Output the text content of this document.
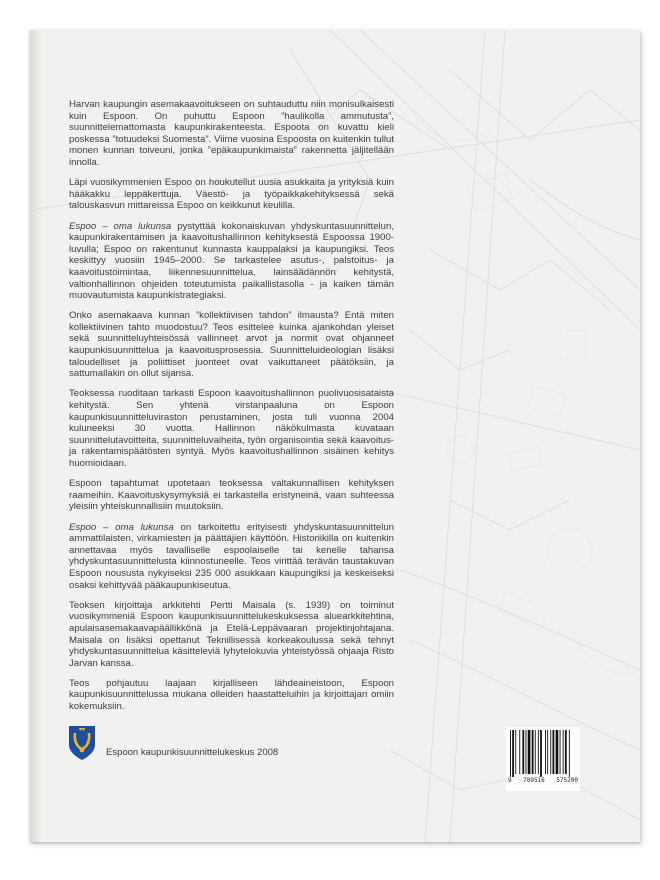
Harvan kaupungin asemakaavoitukseen on suhtauduttu niin monisulkaisesti kuin Espoon. On puhuttu Espoon ”haulikolla ammutusta”, suunnittelemattomasta kaupunkirakenteesta. Espoota on kuvattu kieli poskessa ”totuudeksi Suomesta”. Viime vuosina Espoosta on kuitenkin tullut monen kunnan toiveuni, jonka ”epäkaupunkimaista” rakennetta jäljitellään innolla.

Läpi vuosikymmenien Espoo on houkutellut uusia asukkaita ja yrityksiä kuin hääkakku leppäkerttuja. Väestö- ja työpaikkakehityksessä sekä talouskasvun mittareissa Espoo on keikkunut keulilla.

Espoo – oma lukunsa pystyttää kokonaiskuvan yhdyskuntasuunnittelun, kaupunkirakentamisen ja kaavoitushallinnon kehityksestä Espoossa 1900-luvulla; Espoo on rakentunut kunnasta kauppalaksi ja kaupungiksi. Teos keskittyy vuosiin 1945–2000. Se tarkastelee asutus-, palstoitus- ja kaavoitustoimintaa, liikennesuunnittelua, lainsäädännön kehitystä, valtionhallinnon ohjeiden toteutumista paikallistasolla - ja kaiken tämän muovautumista kaupunkistrategiaksi.

Onko asemakaava kunnan ”kollektiivisen tahdon” ilmausta? Entä miten kollektiivinen tahto muodostuu? Teos esittelee kuinka ajankohdan yleiset sekä suunnitteluyhteisössä vallinneet arvot ja normit ovat ohjanneet kaupunkisuunnittelua ja kaavoitusprosessia. Suunnitteluideologian lisäksi taloudelliset ja poliittiset juonteet ovat vaikuttaneet päätöksiin, ja sattumallakin on ollut sijansa.

Teoksessa ruoditaan tarkasti Espoon kaavoitushallinnon puolivuosisataista kehitystä. Sen yhtenä virstanpaaluna on Espoon kaupunkisuunnitteluviraston perustaminen, josta tuli vuonna 2004 kuluneeksi 30 vuotta. Hallinnon näkökulmasta kuvataan suunnittelutavoitteita, suunnitteluvaiheita, työn organisointia sekä kaavoitus- ja rakentamispäätösten syntyä. Myös kaavoitushallinnon sisäinen kehitys huomioidaan.

Espoon tapahtumat upotetaan teoksessa valtakunnallisen kehityksen raameihin. Kaavoituskysymyksiä ei tarkastella eristyneinä, vaan suhteessa yleisiin yhteiskunnallisiin muutoksiin.

Espoo – oma lukunsa on tarkoitettu erityisesti yhdyskuntasuunnittelun ammattilaisten, virkamiesten ja päättäjien käyttöön. Historiikilla on kuitenkin annettavaa myös tavalliselle espoolaiselle tai kenelle tahansa yhdyskuntasuunnittelusta kiinnostuneelle. Teos virittää terävän taustakuvan Espoon noususta nykyiseksi 235 000 asukkaan kaupungiksi ja keskeiseksi osaksi kehittyvää pääkaupunkiseutua.

Teoksen kirjoittaja arkkitehti Pertti Maisala (s. 1939) on toiminut vuosikymmeniä Espoon kaupunkisuunnittelukeskuksessa aluearkkitehtina, apulaisasemakaavapäällikkönä ja Etelä-Leppävaaran projektinjohtajana. Maisala on lisäksi opettanut Teknillisessä korkeakoulussa sekä tehnyt yhdyskuntasuunnittelua käsitteleviä lyhytelokuvia yhteistyössä ohjaaja Risto Jarvan kanssa.

Teos pohjautuu laajaan kirjalliseen lähdeaineistoon, Espoon kaupunkisuunnittelussa mukana olleiden haastatteluihin ja kirjoittajan omiin kokemuksiin.

Espoon kaupunkisuunnittelukeskus 2008
9 789516 575200
